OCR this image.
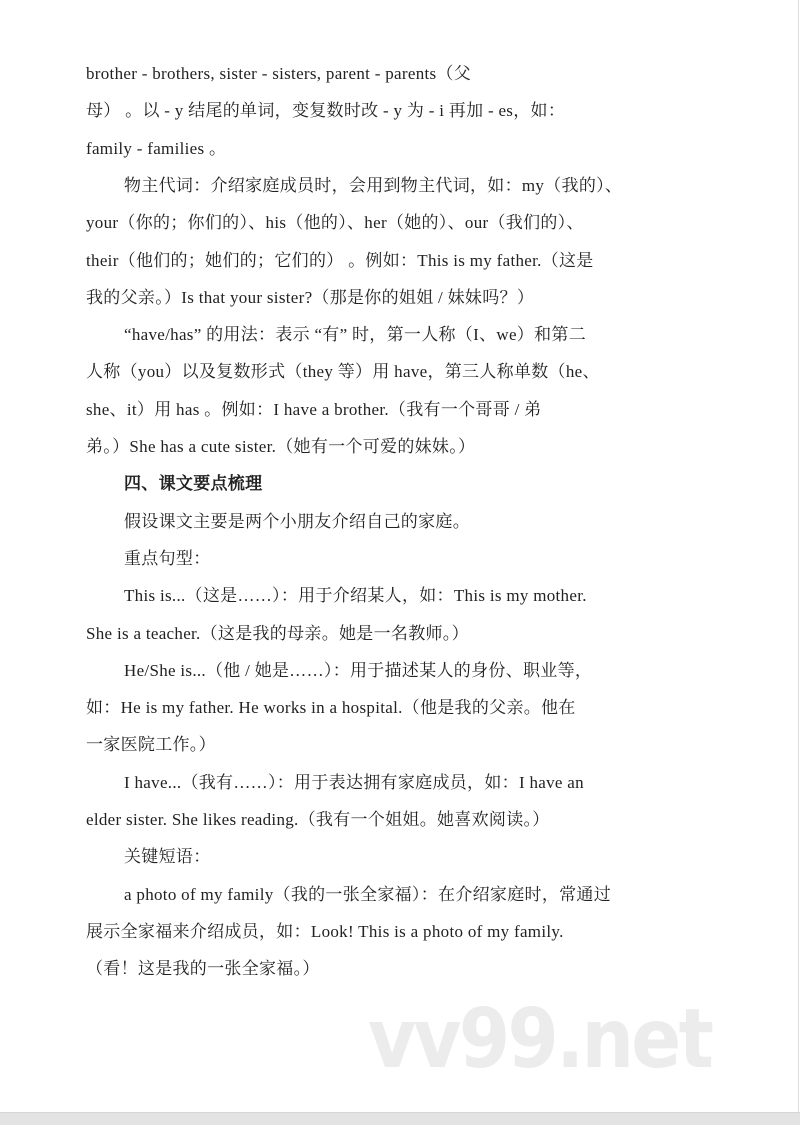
brother - brothers, sister - sisters, parent - parents（父
母） 。以 - y 结尾的单词，变复数时改 - y 为 - i 再加 - es，如：
family - families 。
物主代词：介绍家庭成员时，会用到物主代词，如：my（我的）、
your（你的；你们的）、his（他的）、her（她的）、our（我们的）、
their（他们的；她们的；它们的） 。例如：This is my father.（这是
我的父亲。）Is that your sister?（那是你的姐姐 / 妹妹吗？）
“have/has” 的用法：表示 “有” 时，第一人称（I、we）和第二
人称（you）以及复数形式（they 等）用 have，第三人称单数（he、
she、it）用 has 。例如：I have a brother.（我有一个哥哥 / 弟
弟。）She has a cute sister.（她有一个可爱的妹妹。）
四、课文要点梳理
假设课文主要是两个小朋友介绍自己的家庭。
重点句型：
This is...（这是……）：用于介绍某人，如：This is my mother.
She is a teacher.（这是我的母亲。她是一名教师。）
He/She is...（他 / 她是……）：用于描述某人的身份、职业等，
如：He is my father. He works in a hospital.（他是我的父亲。他在
一家医院工作。）
I have...（我有……）：用于表达拥有家庭成员，如：I have an
elder sister. She likes reading.（我有一个姐姐。她喜欢阅读。）
关键短语：
a photo of my family（我的一张全家福）：在介绍家庭时，常通过
展示全家福来介绍成员，如：Look! This is a photo of my family.
（看！这是我的一张全家福。）
vv99.net
